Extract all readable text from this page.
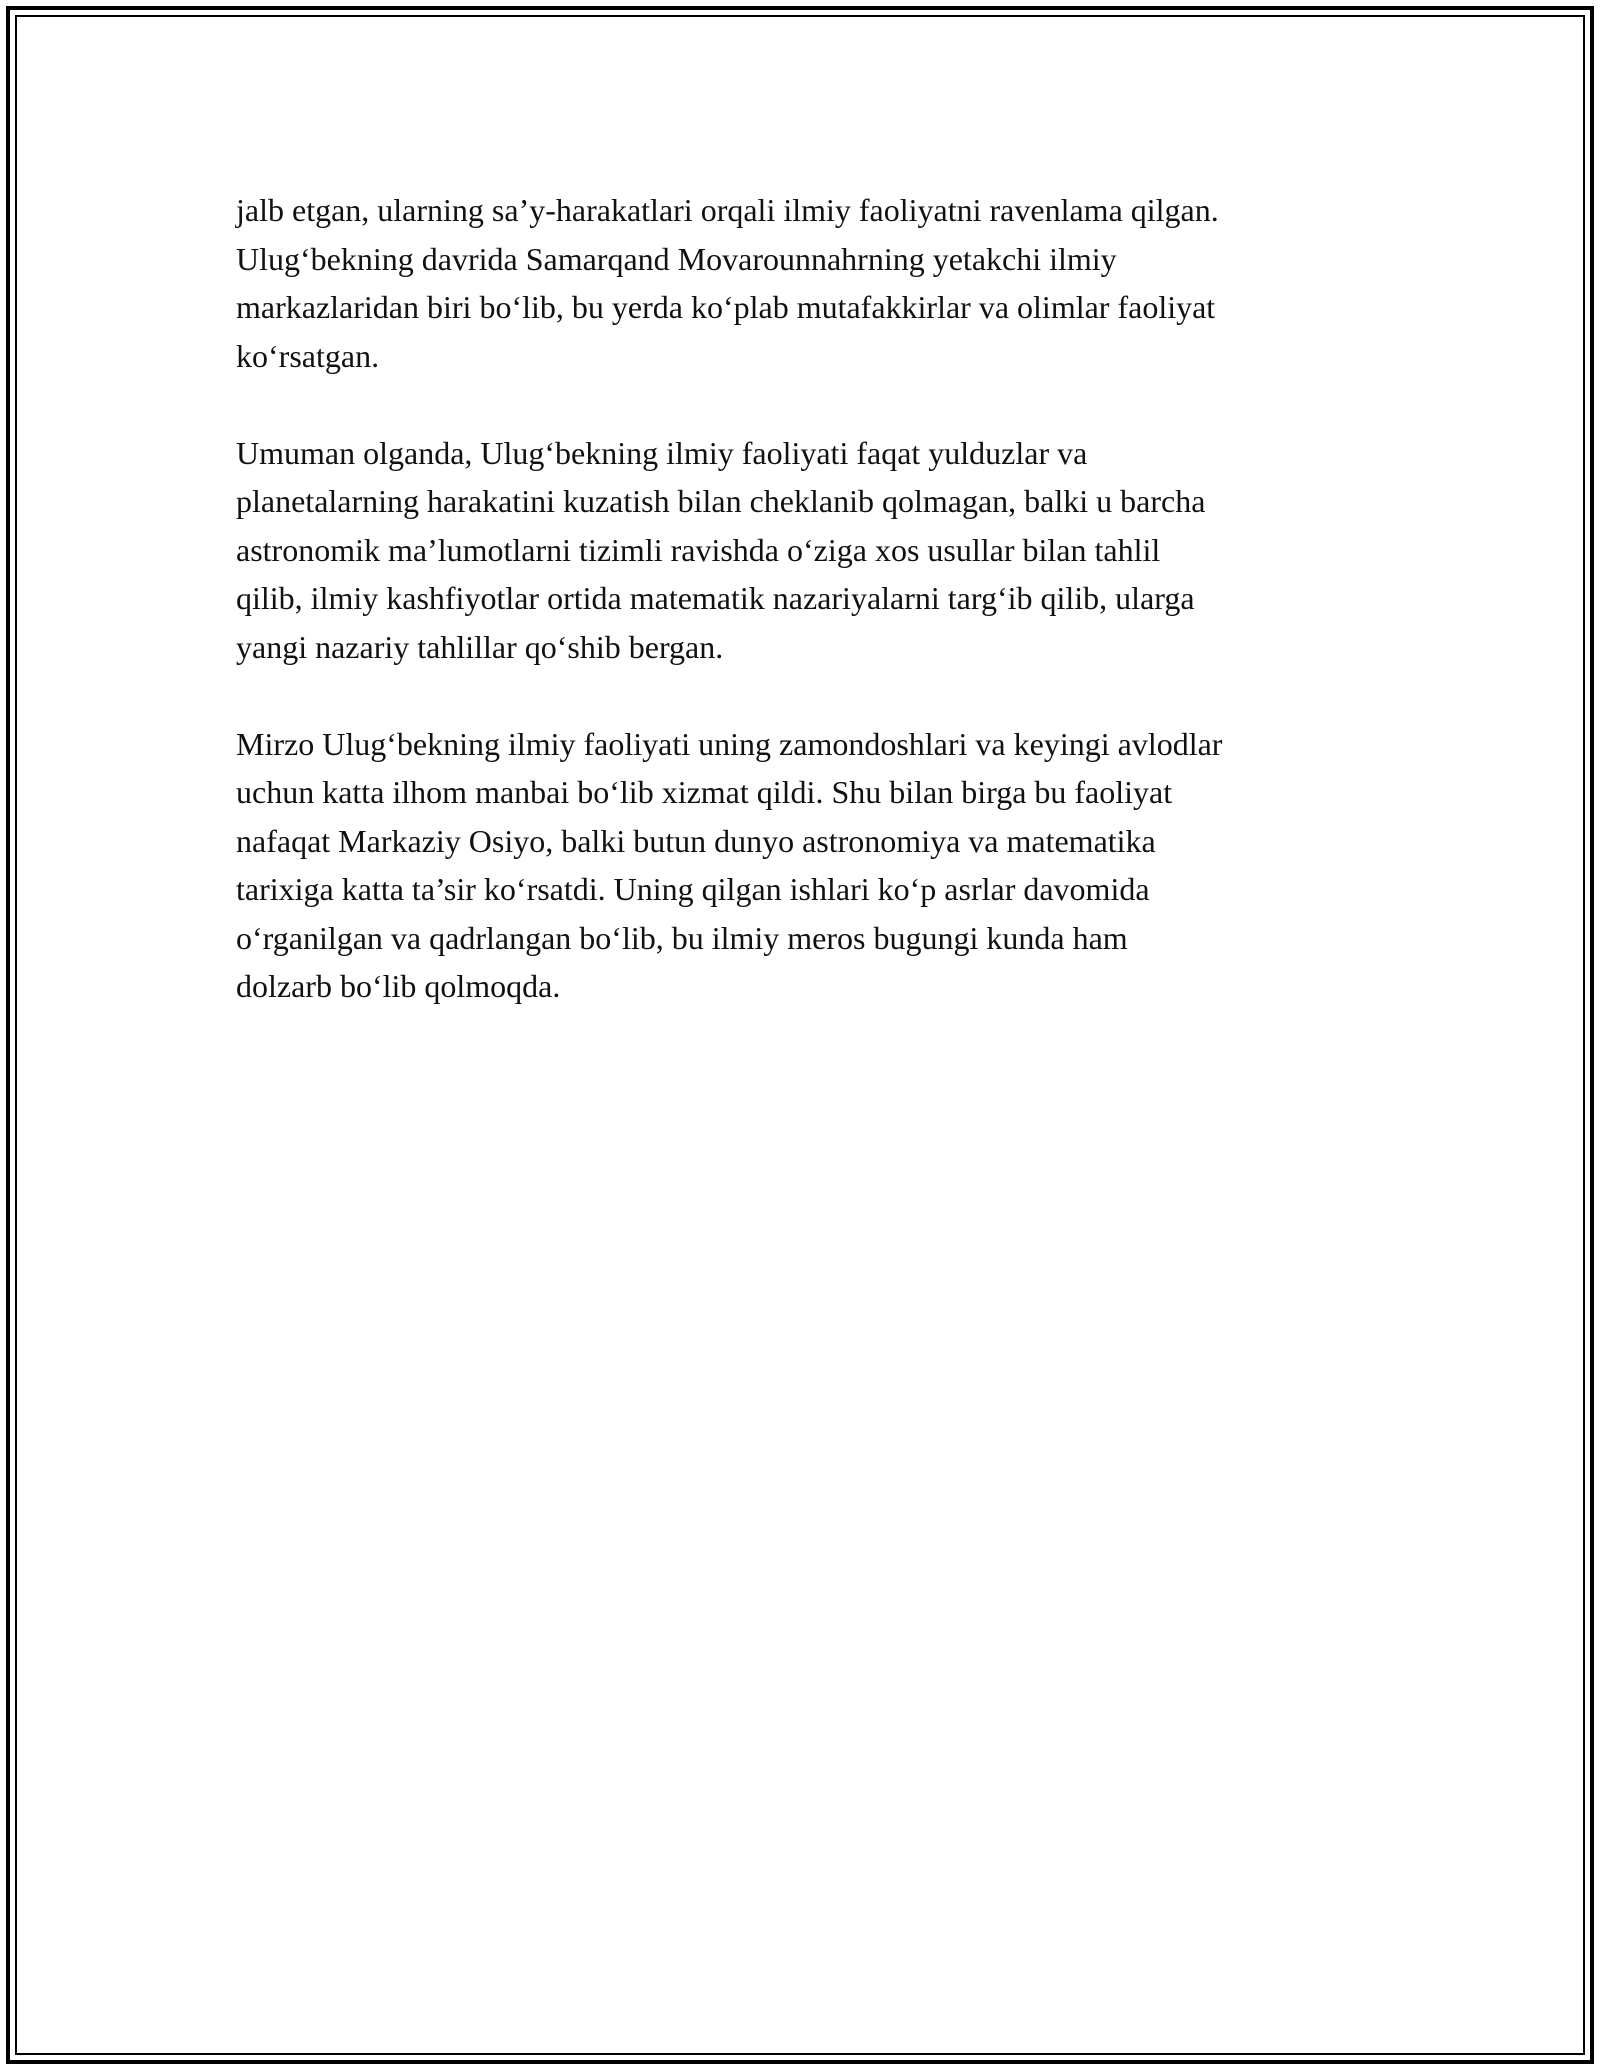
jalb etgan, ularning sa’y-harakatlari orqali ilmiy faoliyatni ravenlama qilgan.
Ulug‘bekning davrida Samarqand Movarounnahrning yetakchi ilmiy
markazlaridan biri bo‘lib, bu yerda ko‘plab mutafakkirlar va olimlar faoliyat
ko‘rsatgan.

Umuman olganda, Ulug‘bekning ilmiy faoliyati faqat yulduzlar va
planetalarning harakatini kuzatish bilan cheklanib qolmagan, balki u barcha
astronomik ma’lumotlarni tizimli ravishda o‘ziga xos usullar bilan tahlil
qilib, ilmiy kashfiyotlar ortida matematik nazariyalarni targ‘ib qilib, ularga
yangi nazariy tahlillar qo‘shib bergan.

Mirzo Ulug‘bekning ilmiy faoliyati uning zamondoshlari va keyingi avlodlar
uchun katta ilhom manbai bo‘lib xizmat qildi. Shu bilan birga bu faoliyat
nafaqat Markaziy Osiyo, balki butun dunyo astronomiya va matematika
tarixiga katta ta’sir ko‘rsatdi. Uning qilgan ishlari ko‘p asrlar davomida
o‘rganilgan va qadrlangan bo‘lib, bu ilmiy meros bugungi kunda ham
dolzarb bo‘lib qolmoqda.
